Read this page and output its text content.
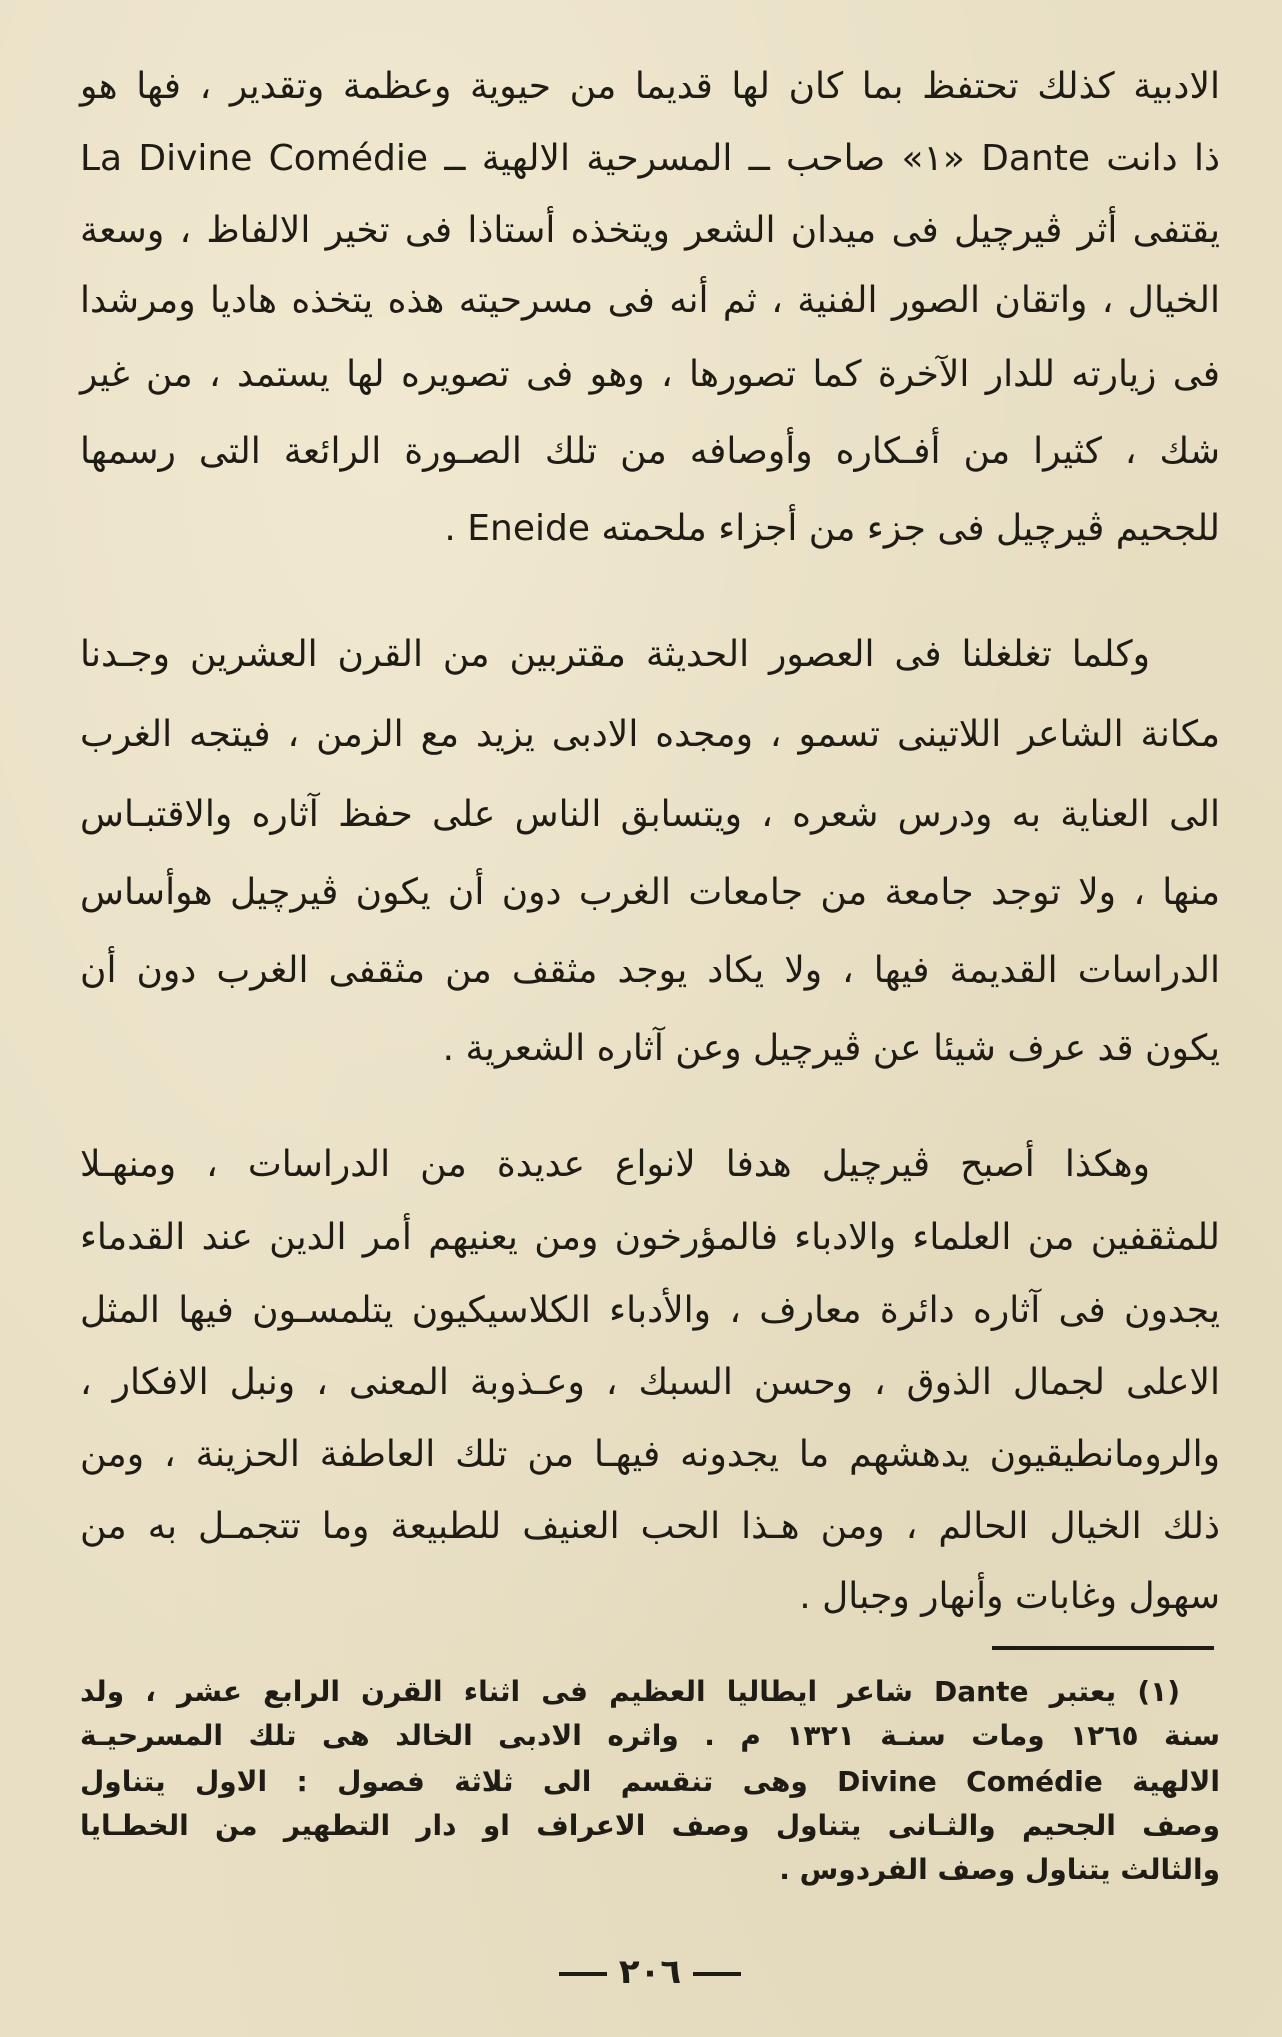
الادبية كذلك تحتفظ بما كان لها قديما من حيوية وعظمة وتقدير ، فها هو
ذا دانت Dante «١» صاحب ــ المسرحية الالهية ــ La Divine Comédie
يقتفى أثر ڤيرچيل فى ميدان الشعر ويتخذه أستاذا فى تخير الالفاظ ، وسعة
الخيال ، واتقان الصور الفنية ، ثم أنه فى مسرحيته هذه يتخذه هاديا ومرشدا
فى زيارته للدار الآخرة كما تصورها ، وهو فى تصويره لها يستمد ، من غير
شك ، كثيرا من أفـكاره وأوصافه من تلك الصـورة الرائعة التى رسمها
للجحيم ڤيرچيل فى جزء من أجزاء ملحمته Eneide .
وكلما تغلغلنا فى العصور الحديثة مقتربين من القرن العشرين وجـدنا
مكانة الشاعر اللاتينى تسمو ، ومجده الادبى يزيد مع الزمن ، فيتجه الغرب
الى العناية به ودرس شعره ، ويتسابق الناس على حفظ آثاره والاقتبـاس
منها ، ولا توجد جامعة من جامعات الغرب دون أن يكون ڤيرچيل هوأساس
الدراسات القديمة فيها ، ولا يكاد يوجد مثقف من مثقفى الغرب دون أن
يكون قد عرف شيئا عن ڤيرچيل وعن آثاره الشعرية .
وهكذا أصبح ڤيرچيل هدفا لانواع عديدة من الدراسات ، ومنهـلا
للمثقفين من العلماء والادباء فالمؤرخون ومن يعنيهم أمر الدين عند القدماء
يجدون فى آثاره دائرة معارف ، والأدباء الكلاسيكيون يتلمسـون فيها المثل
الاعلى لجمال الذوق ، وحسن السبك ، وعـذوبة المعنى ، ونبل الافكار ،
والرومانطيقيون يدهشهم ما يجدونه فيهـا من تلك العاطفة الحزينة ، ومن
ذلك الخيال الحالم ، ومن هـذا الحب العنيف للطبيعة وما تتجمـل به من
سهول وغابات وأنهار وجبال .
(١) يعتبر Dante شاعر ايطاليا العظيم فى اثناء القرن الرابع عشر ، ولد
سنة ١٢٦٥ ومات سنـة ١٣٢١ م . واثره الادبى الخالد هى تلك المسرحيـة
الالهية Divine Comédie وهى تنقسم الى ثلاثة فصول : الاول يتناول
وصف الجحيم والثـانى يتناول وصف الاعراف او دار التطهير من الخطـايا
والثالث يتناول وصف الفردوس .
٢٠٦
